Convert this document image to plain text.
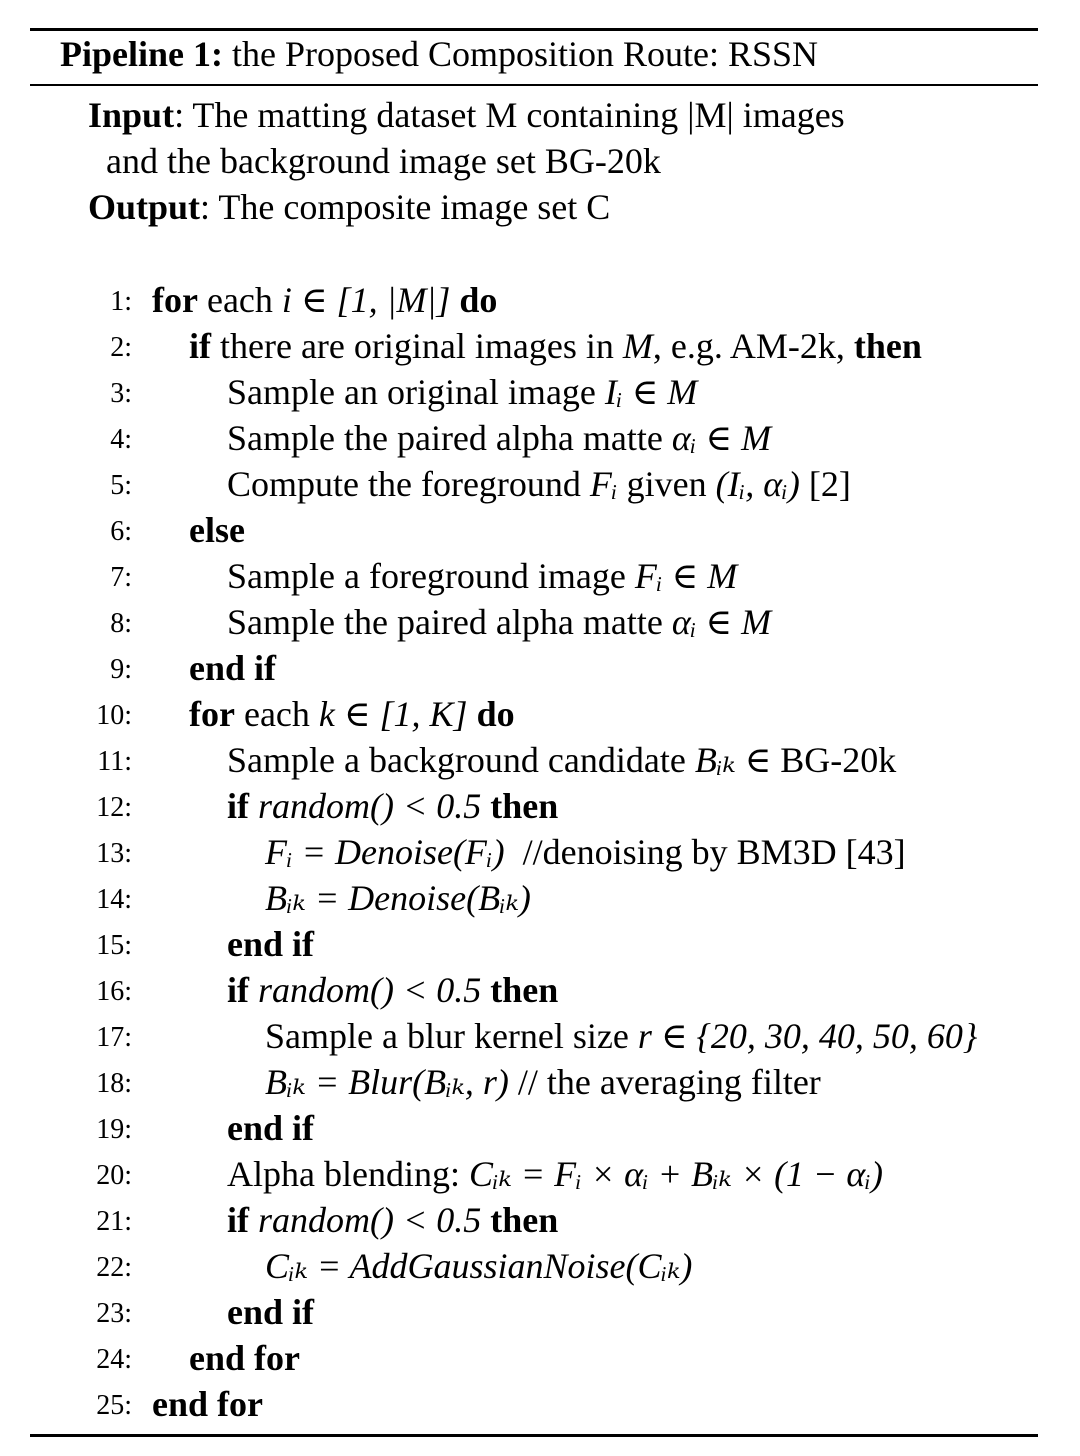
Pipeline 1: the Proposed Composition Route: RSSN
Input: The matting dataset M containing |M| images
and the background image set BG-20k
Output: The composite image set C
1: for each i ∈ [1, |M|] do
2: if there are original images in M, e.g. AM-2k, then
3:	Sample an original image Iᵢ ∈ M
4:	Sample the paired alpha matte αᵢ ∈ M
5:	Compute the foreground Fᵢ given (Iᵢ, αᵢ) [2]
6: else
7:	Sample a foreground image Fᵢ ∈ M
8:	Sample the paired alpha matte αᵢ ∈ M
9: end if
10: for each k ∈ [1, K] do
11:	Sample a background candidate Bᵢₖ ∈ BG-20k
12:	if random() < 0.5 then
13:	Fᵢ = Denoise(Fᵢ)  //denoising by BM3D [43]
14:	Bᵢₖ = Denoise(Bᵢₖ)
15:	end if
16:	if random() < 0.5 then
17:	Sample a blur kernel size r ∈ {20, 30, 40, 50, 60}
18:	Bᵢₖ = Blur(Bᵢₖ, r) // the averaging filter
19:	end if
20:	Alpha blending: Cᵢₖ = Fᵢ × αᵢ + Bᵢₖ × (1 − αᵢ)
21:	if random() < 0.5 then
22:	Cᵢₖ = AddGaussianNoise(Cᵢₖ)
23:	end if
24: end for
25: end for
